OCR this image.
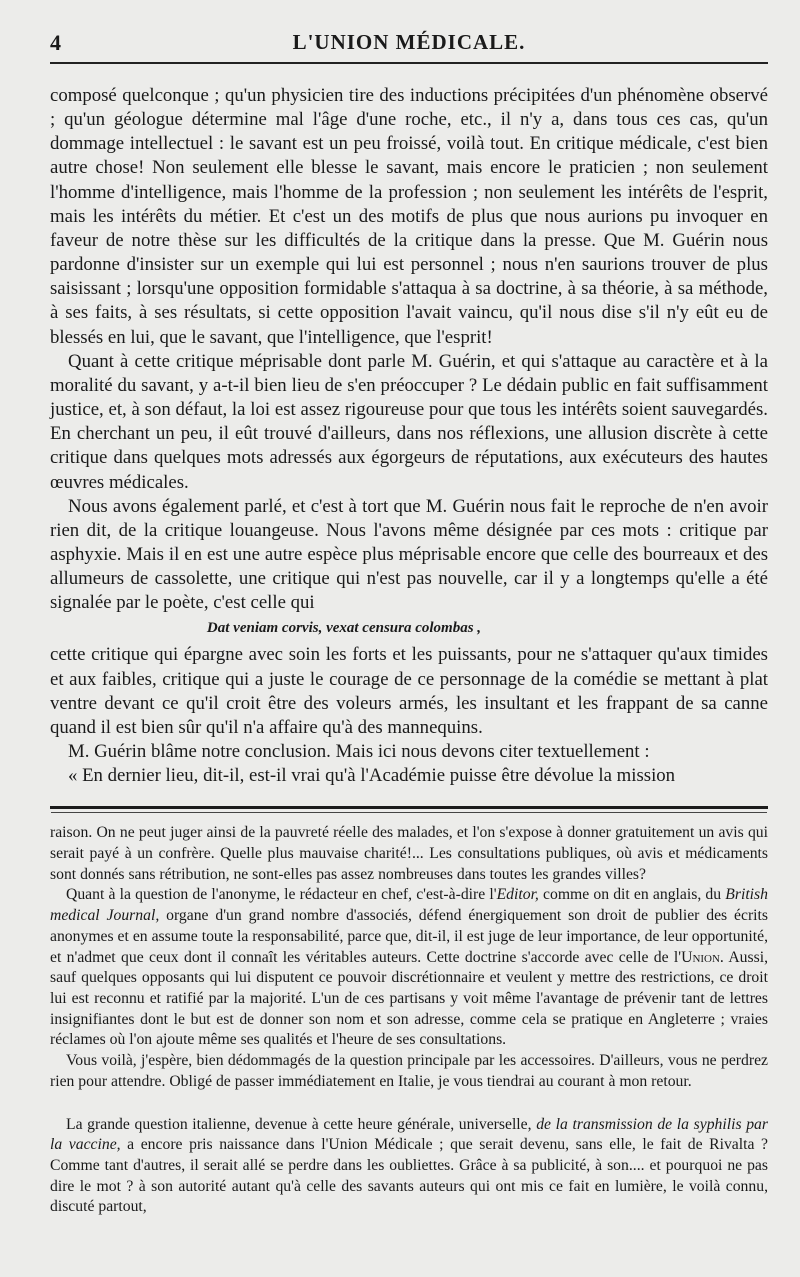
4	L'UNION MÉDICALE.

composé quelconque ; qu'un physicien tire des inductions précipitées d'un phénomène observé ; qu'un géologue détermine mal l'âge d'une roche, etc., il n'y a, dans tous ces cas, qu'un dommage intellectuel : le savant est un peu froissé, voilà tout. En critique médicale, c'est bien autre chose! Non seulement elle blesse le savant, mais encore le praticien ; non seulement l'homme d'intelligence, mais l'homme de la profession ; non seulement les intérêts de l'esprit, mais les intérêts du métier. Et c'est un des motifs de plus que nous aurions pu invoquer en faveur de notre thèse sur les difficultés de la critique dans la presse. Que M. Guérin nous pardonne d'insister sur un exemple qui lui est personnel ; nous n'en saurions trouver de plus saisissant ; lorsqu'une opposition formidable s'attaqua à sa doctrine, à sa théorie, à sa méthode, à ses faits, à ses résultats, si cette opposition l'avait vaincu, qu'il nous dise s'il n'y eût eu de blessés en lui, que le savant, que l'intelligence, que l'esprit!

Quant à cette critique méprisable dont parle M. Guérin, et qui s'attaque au caractère et à la moralité du savant, y a-t-il bien lieu de s'en préoccuper ? Le dédain public en fait suffisamment justice, et, à son défaut, la loi est assez rigoureuse pour que tous les intérêts soient sauvegardés. En cherchant un peu, il eût trouvé d'ailleurs, dans nos réflexions, une allusion discrète à cette critique dans quelques mots adressés aux égorgeurs de réputations, aux exécuteurs des hautes œuvres médicales.

Nous avons également parlé, et c'est à tort que M. Guérin nous fait le reproche de n'en avoir rien dit, de la critique louangeuse. Nous l'avons même désignée par ces mots : critique par asphyxie. Mais il en est une autre espèce plus méprisable encore que celle des bourreaux et des allumeurs de cassolette, une critique qui n'est pas nouvelle, car il y a longtemps qu'elle a été signalée par le poète, c'est celle qui

Dat veniam corvis, vexat censura colombas ,

cette critique qui épargne avec soin les forts et les puissants, pour ne s'attaquer qu'aux timides et aux faibles, critique qui a juste le courage de ce personnage de la comédie se mettant à plat ventre devant ce qu'il croit être des voleurs armés, les insultant et les frappant de sa canne quand il est bien sûr qu'il n'a affaire qu'à des mannequins.

M. Guérin blâme notre conclusion. Mais ici nous devons citer textuellement :

« En dernier lieu, dit-il, est-il vrai qu'à l'Académie puisse être dévolue la mission

raison. On ne peut juger ainsi de la pauvreté réelle des malades, et l'on s'expose à donner gratuitement un avis qui serait payé à un confrère. Quelle plus mauvaise charité!... Les consultations publiques, où avis et médicaments sont donnés sans rétribution, ne sont-elles pas assez nombreuses dans toutes les grandes villes?

Quant à la question de l'anonyme, le rédacteur en chef, c'est-à-dire l'Editor, comme on dit en anglais, du British medical Journal, organe d'un grand nombre d'associés, défend énergiquement son droit de publier des écrits anonymes et en assume toute la responsabilité, parce que, dit-il, il est juge de leur importance, de leur opportunité, et n'admet que ceux dont il connaît les véritables auteurs. Cette doctrine s'accorde avec celle de l'Union. Aussi, sauf quelques opposants qui lui disputent ce pouvoir discrétionnaire et veulent y mettre des restrictions, ce droit lui est reconnu et ratifié par la majorité. L'un de ces partisans y voit même l'avantage de prévenir tant de lettres insignifiantes dont le but est de donner son nom et son adresse, comme cela se pratique en Angleterre ; vraies réclames où l'on ajoute même ses qualités et l'heure de ses consultations.

Vous voilà, j'espère, bien dédommagés de la question principale par les accessoires. D'ailleurs, vous ne perdrez rien pour attendre. Obligé de passer immédiatement en Italie, je vous tiendrai au courant à mon retour.

La grande question italienne, devenue à cette heure générale, universelle, de la transmission de la syphilis par la vaccine, a encore pris naissance dans l'Union Médicale ; que serait devenu, sans elle, le fait de Rivalta ? Comme tant d'autres, il serait allé se perdre dans les oubliettes. Grâce à sa publicité, à son.... et pourquoi ne pas dire le mot ? à son autorité autant qu'à celle des savants auteurs qui ont mis ce fait en lumière, le voilà connu, discuté partout,
